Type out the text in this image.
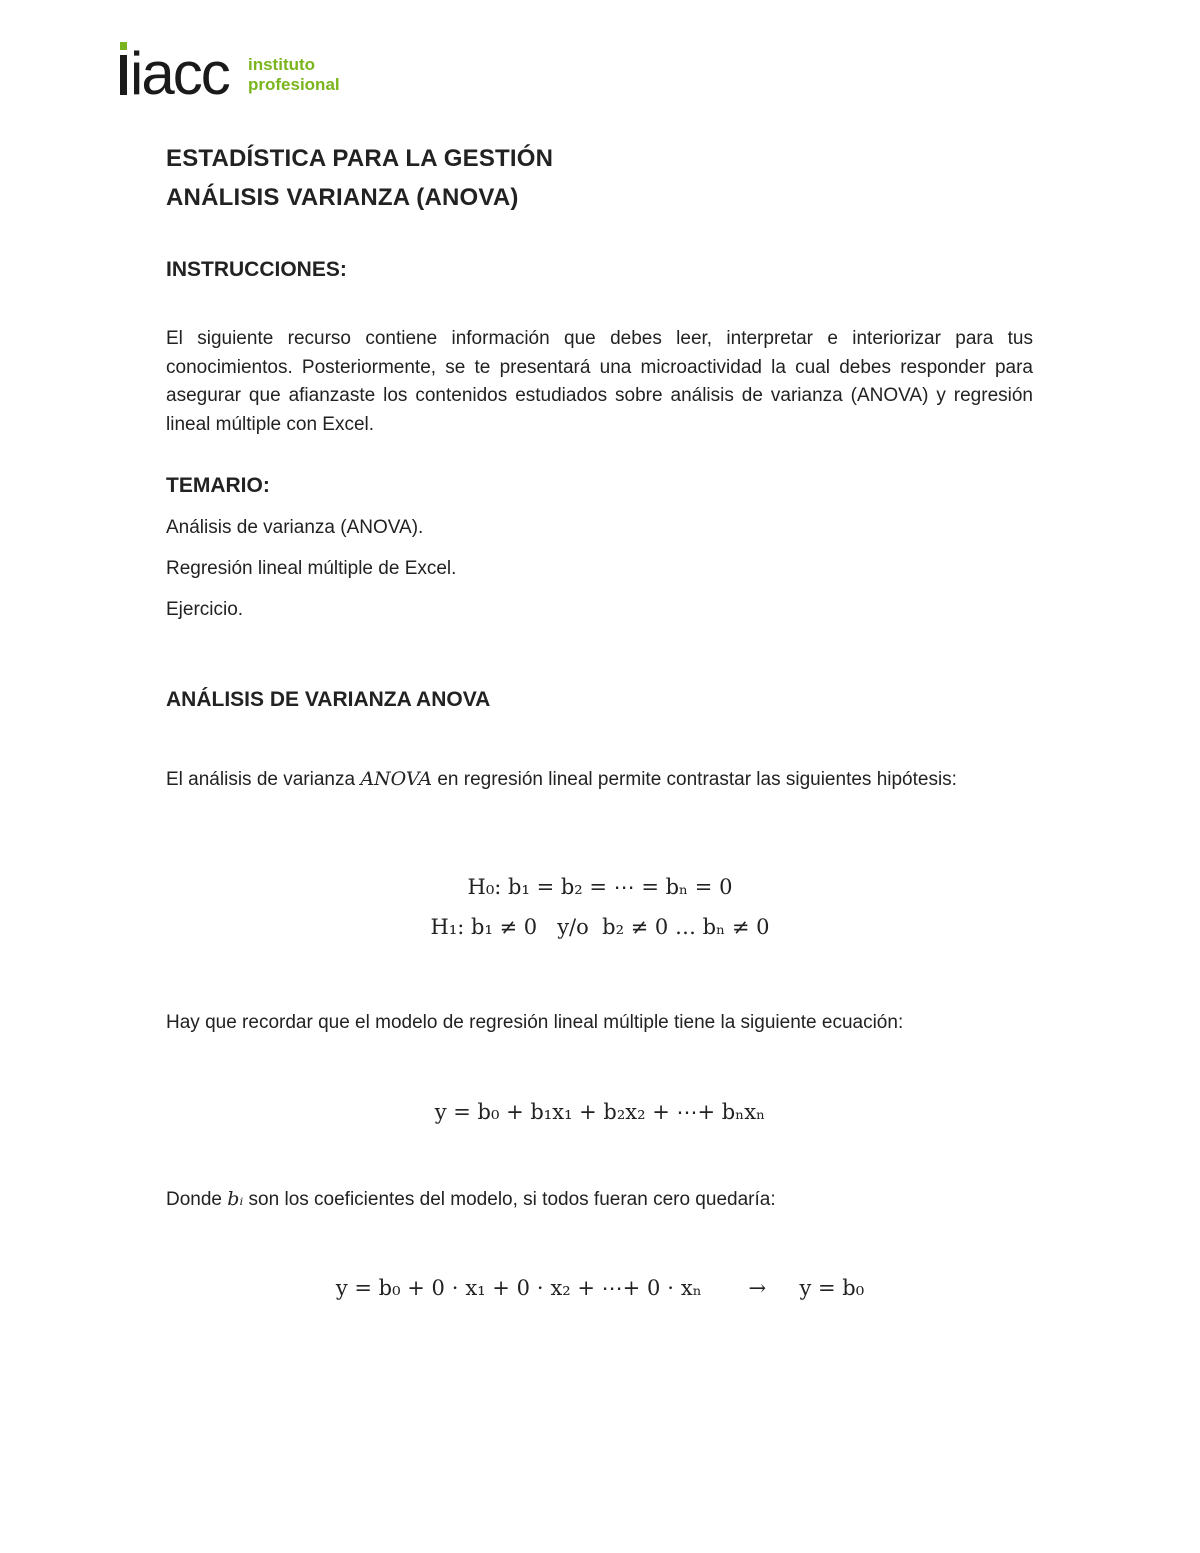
iacc instituto
profesional
ESTADÍSTICA PARA LA GESTIÓN
ANÁLISIS VARIANZA (ANOVA)
INSTRUCCIONES:
El siguiente recurso contiene información que debes leer, interpretar e interiorizar para tus conocimientos. Posteriormente, se te presentará una microactividad la cual debes responder para asegurar que afianzaste los contenidos estudiados sobre análisis de varianza (ANOVA) y regresión lineal múltiple con Excel.
TEMARIO:
Análisis de varianza (ANOVA).
Regresión lineal múltiple de Excel.
Ejercicio.
ANÁLISIS DE VARIANZA ANOVA
El análisis de varianza ANOVA en regresión lineal permite contrastar las siguientes hipótesis:
H₀: b₁ = b₂ = ⋯ = bₙ = 0
H₁: b₁ ≠ 0   y/o  b₂ ≠ 0 … bₙ ≠ 0
Hay que recordar que el modelo de regresión lineal múltiple tiene la siguiente ecuación:
y = b₀ + b₁x₁ + b₂x₂ + ⋯+ bₙxₙ
Donde bᵢ son los coeficientes del modelo, si todos fueran cero quedaría:
y = b₀ + 0 ⋅ x₁ + 0 ⋅ x₂ + ⋯+ 0 ⋅ xₙ       →     y = b₀
